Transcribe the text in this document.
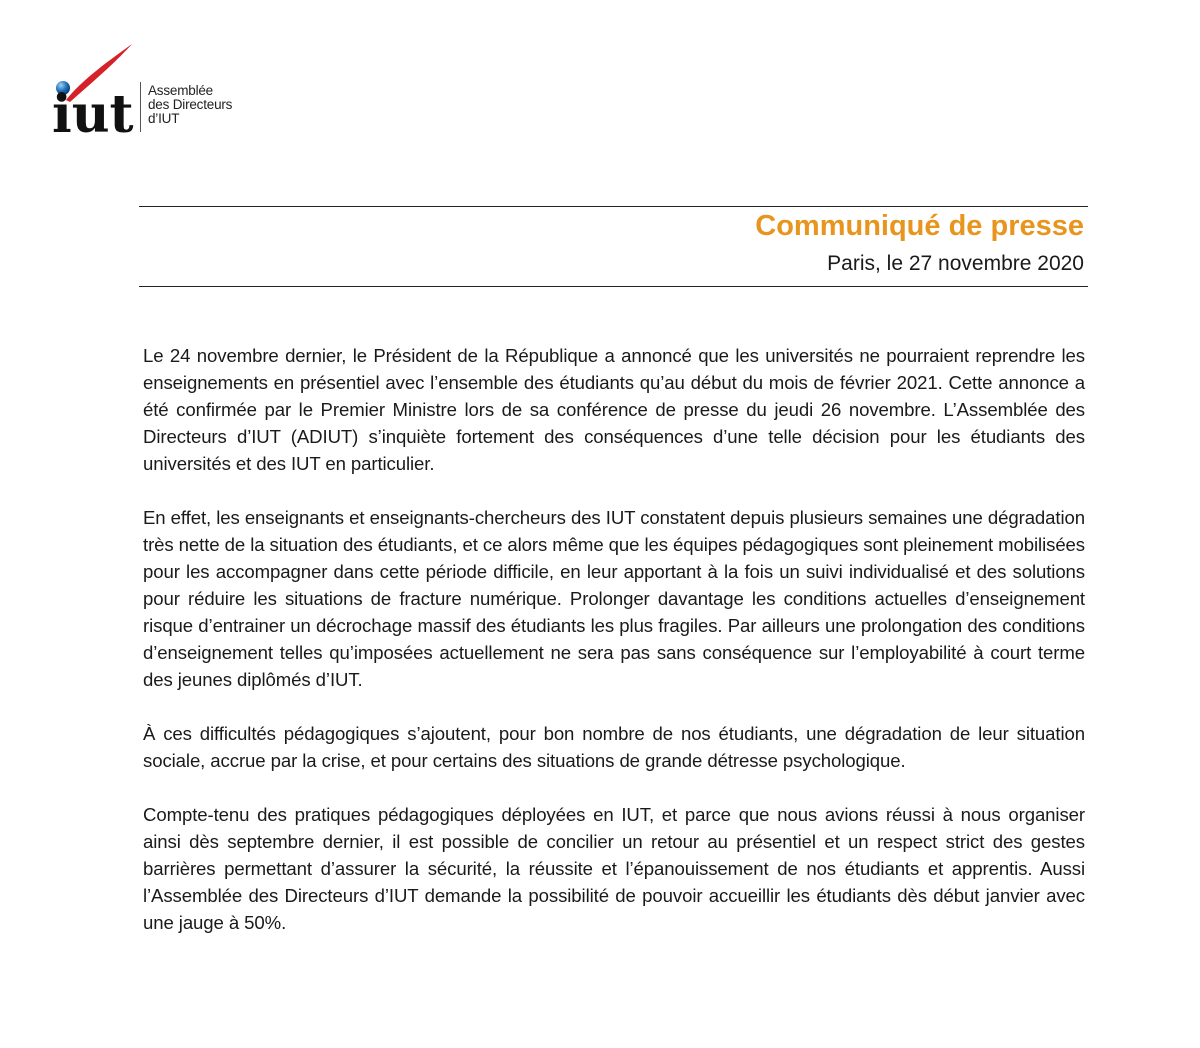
iut Assemblée
des Directeurs
d’IUT
Communiqué de presse
Paris, le 27 novembre 2020

Le 24 novembre dernier, le Président de la République a annoncé que les universités ne pourraient reprendre les enseignements en présentiel avec l’ensemble des étudiants qu’au début du mois de février 2021. Cette annonce a été confirmée par le Premier Ministre lors de sa conférence de presse du jeudi 26 novembre. L’Assemblée des Directeurs d’IUT (ADIUT) s’inquiète fortement des conséquences d’une telle décision pour les étudiants des universités et des IUT en particulier.

En effet, les enseignants et enseignants-chercheurs des IUT constatent depuis plusieurs semaines une dégradation très nette de la situation des étudiants, et ce alors même que les équipes pédagogiques sont pleinement mobilisées pour les accompagner dans cette période difficile, en leur apportant à la fois un suivi individualisé et des solutions pour réduire les situations de fracture numérique. Prolonger davantage les conditions actuelles d’enseignement risque d’entrainer un décrochage massif des étudiants les plus fragiles. Par ailleurs une prolongation des conditions d’enseignement telles qu’imposées actuellement ne sera pas sans conséquence sur l’employabilité à court terme des jeunes diplômés d’IUT.

À ces difficultés pédagogiques s’ajoutent, pour bon nombre de nos étudiants, une dégradation de leur situation sociale, accrue par la crise, et pour certains des situations de grande détresse psychologique.

Compte-tenu des pratiques pédagogiques déployées en IUT, et parce que nous avions réussi à nous organiser ainsi dès septembre dernier, il est possible de concilier un retour au présentiel et un respect strict des gestes barrières permettant d’assurer la sécurité, la réussite et l’épanouissement de nos étudiants et apprentis. Aussi l’Assemblée des Directeurs d’IUT demande la possibilité de pouvoir accueillir les étudiants dès début janvier avec une jauge à 50%.
